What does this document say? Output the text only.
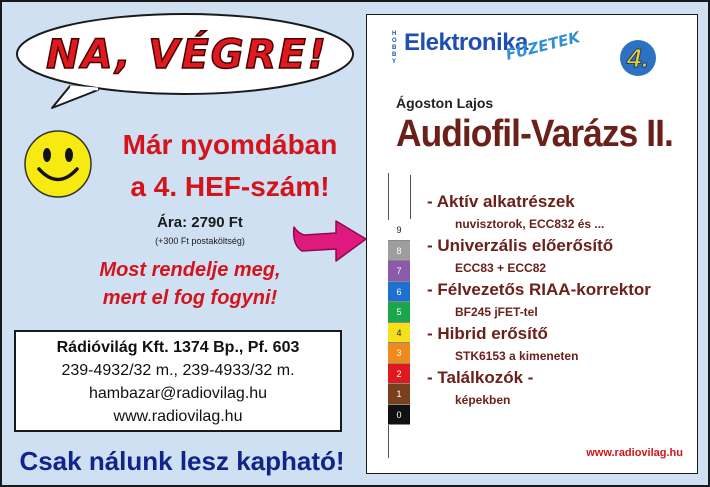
NA, VÉGRE!
Már nyomdában
a 4. HEF-szám!
Ára: 2790 Ft
(+300 Ft postaköltség)
Most rendelje meg,
mert el fog fogyni!
Rádióvilág Kft. 1374 Bp., Pf. 603
239-4932/32 m., 239-4933/32 m.
hambazar@radiovilag.hu
www.radiovilag.hu
Csak nálunk lesz kapható!
H
O
B
B
Y
Elektronika
FÜZETEK 4.
Ágoston Lajos
Audiofil-Varázs II.
9
8
7
6
5
4
3
2
1
0
- Aktív alkatrészek
nuvisztorok, ECC832 és ...
- Univerzális előerősítő
ECC83 + ECC82
- Félvezetős RIAA-korrektor
BF245 jFET-tel
- Hibrid erősítő
STK6153 a kimeneten
- Találkozók -
képekben
www.radiovilag.hu
